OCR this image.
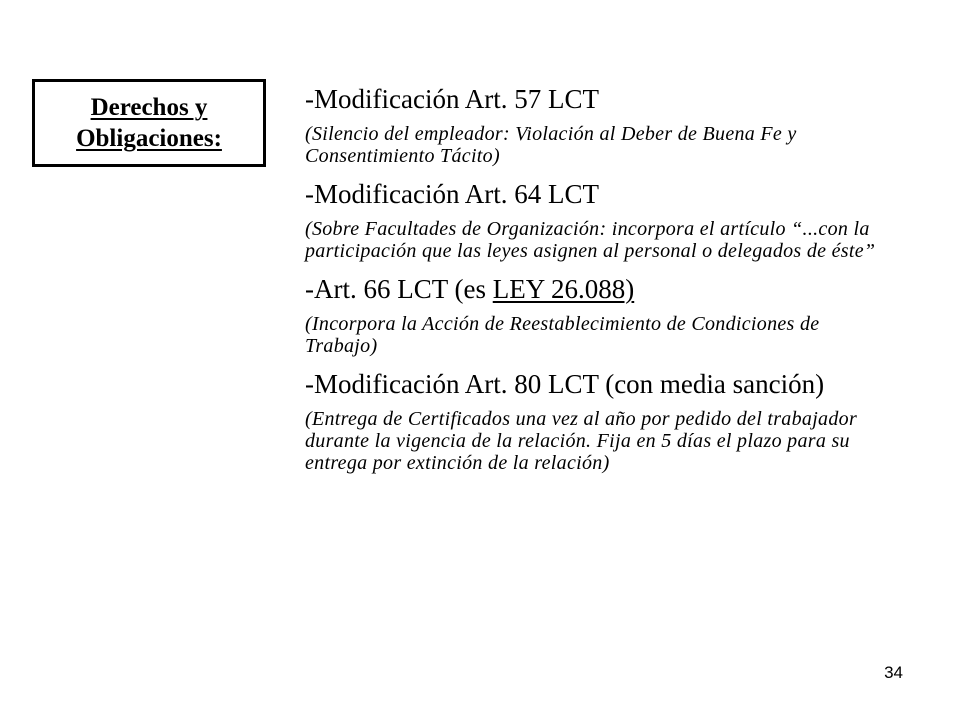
Derechos y
Obligaciones:

-Modificación Art. 57 LCT

(Silencio del empleador: Violación al Deber de Buena Fe y Consentimiento Tácito)

-Modificación Art. 64 LCT

(Sobre Facultades de Organización: incorpora el artículo “...con la participación que las leyes asignen al personal o delegados de éste”

-Art. 66 LCT (es LEY 26.088)

(Incorpora la Acción de Reestablecimiento de Condiciones de Trabajo)

-Modificación Art. 80 LCT (con media sanción)

(Entrega de Certificados una vez al año por pedido del trabajador durante la vigencia de la relación. Fija en 5 días el plazo para su entrega por extinción de la relación)
34
